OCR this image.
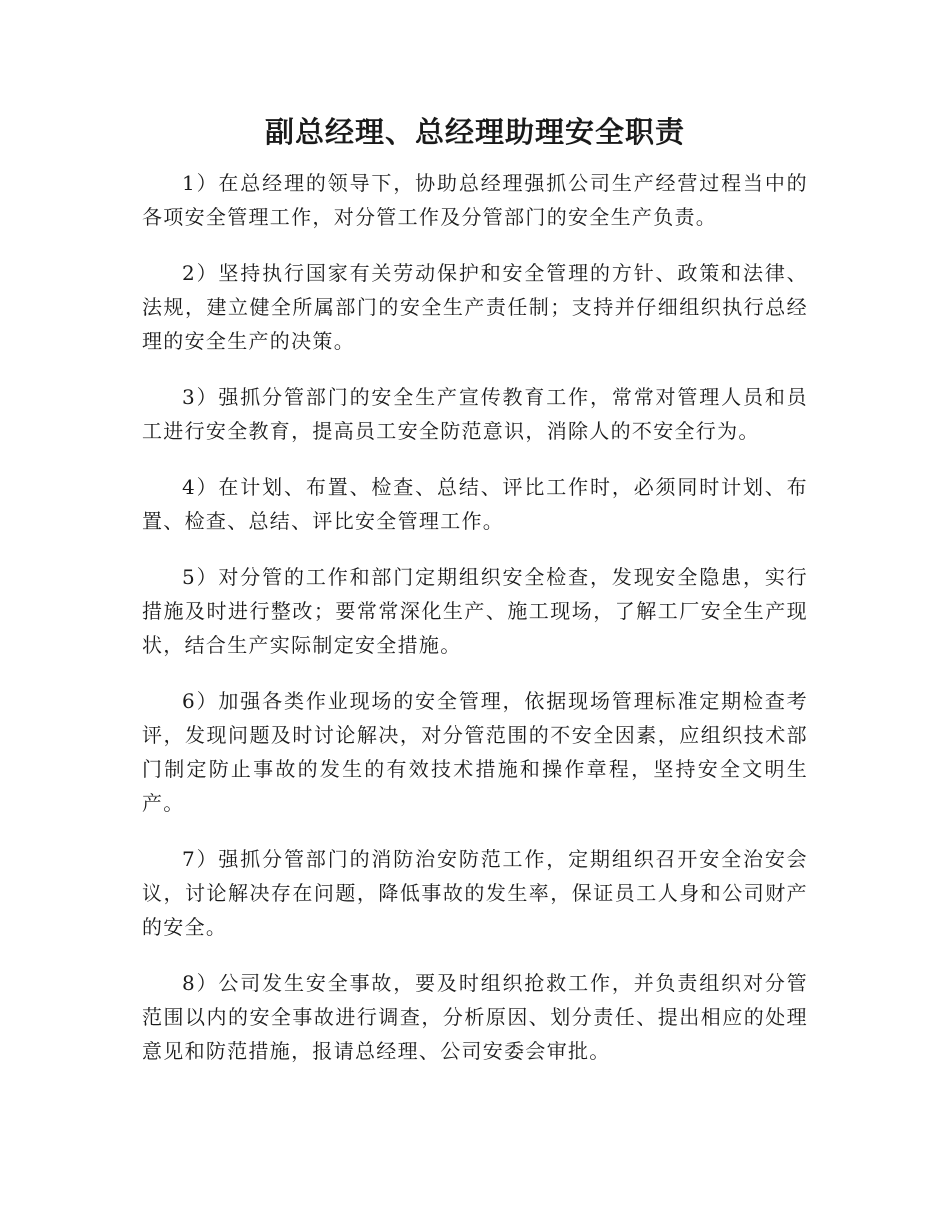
副总经理、总经理助理安全职责

1）在总经理的领导下，协助总经理强抓公司生产经营过程当中的各项安全管理工作，对分管工作及分管部门的安全生产负责。

2）坚持执行国家有关劳动保护和安全管理的方针、政策和法律、法规，建立健全所属部门的安全生产责任制；支持并仔细组织执行总经理的安全生产的决策。

3）强抓分管部门的安全生产宣传教育工作，常常对管理人员和员工进行安全教育，提高员工安全防范意识，消除人的不安全行为。

4）在计划、布置、检查、总结、评比工作时，必须同时计划、布置、检查、总结、评比安全管理工作。

5）对分管的工作和部门定期组织安全检查，发现安全隐患，实行措施及时进行整改；要常常深化生产、施工现场，了解工厂安全生产现状，结合生产实际制定安全措施。

6）加强各类作业现场的安全管理，依据现场管理标准定期检查考评，发现问题及时讨论解决，对分管范围的不安全因素，应组织技术部门制定防止事故的发生的有效技术措施和操作章程，坚持安全文明生产。

7）强抓分管部门的消防治安防范工作，定期组织召开安全治安会议，讨论解决存在问题，降低事故的发生率，保证员工人身和公司财产的安全。

8）公司发生安全事故，要及时组织抢救工作，并负责组织对分管范围以内的安全事故进行调查，分析原因、划分责任、提出相应的处理意见和防范措施，报请总经理、公司安委会审批。
